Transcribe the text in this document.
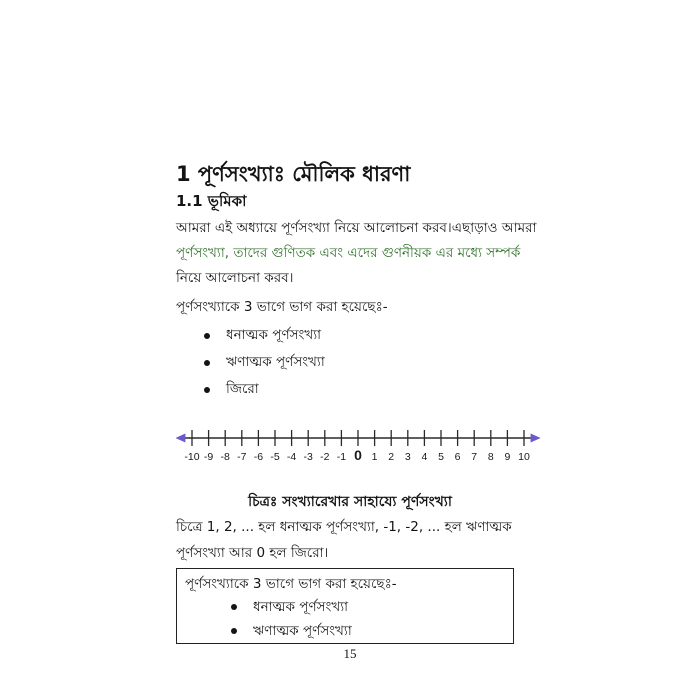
1 পূর্ণসংখ্যাঃ মৌলিক ধারণা
1.1 ভূমিকা
আমরা এই অধ্যায়ে পূর্ণসংখ্যা নিয়ে আলোচনা করব।এছাড়াও আমরা
পূর্ণসংখ্যা, তাদের গুণিতক এবং এদের গুণনীয়ক এর মধ্যে সম্পর্ক
নিয়ে আলোচনা করব।
পূর্ণসংখ্যাকে 3 ভাগে ভাগ করা হয়েছেঃ-
ধনাত্মক পূর্ণসংখ্যা
ঋণাত্মক পূর্ণসংখ্যা
জিরো
-10 -9 -8 -7 -6 -5 -4 -3 -2 -1 0 1 2 3 4 5 6 7 8 9 10
চিত্রঃ সংখ্যারেখার সাহায্যে পূর্ণসংখ্যা
চিত্রে 1, 2, ... হল ধনাত্মক পূর্ণসংখ্যা, -1, -2, ... হল ঋণাত্মক
পূর্ণসংখ্যা আর 0 হল জিরো।
পূর্ণসংখ্যাকে 3 ভাগে ভাগ করা হয়েছেঃ-
ধনাত্মক পূর্ণসংখ্যা
ঋণাত্মক পূর্ণসংখ্যা
15
